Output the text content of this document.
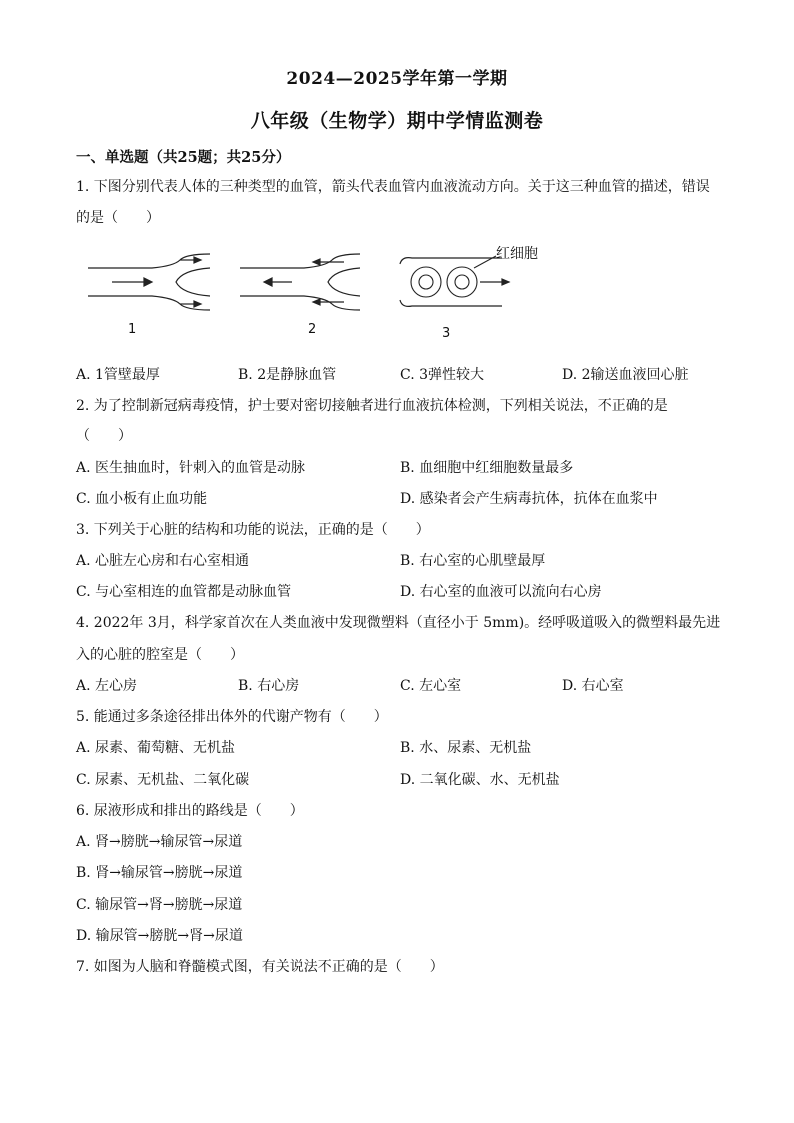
2024—2025学年第一学期
八年级（生物学）期中学情监测卷
一、单选题（共25题；共25分）
1. 下图分别代表人体的三种类型的血管，箭头代表血管内血液流动方向。关于这三种血管的描述，错误
的是（　　）
1	2	3
红细胞
A. 1管壁最厚	B. 2是静脉血管	C. 3弹性较大	D. 2输送血液回心脏
2. 为了控制新冠病毒疫情，护士要对密切接触者进行血液抗体检测，下列相关说法，不正确的是
（　　）
A. 医生抽血时，针刺入的血管是动脉	B. 血细胞中红细胞数量最多
C. 血小板有止血功能	D. 感染者会产生病毒抗体，抗体在血浆中
3. 下列关于心脏的结构和功能的说法，正确的是（　　）
A. 心脏左心房和右心室相通	B. 右心室的心肌壁最厚
C. 与心室相连的血管都是动脉血管	D. 右心室的血液可以流向右心房
4. 2022年 3月，科学家首次在人类血液中发现微塑料（直径小于 5mm)。经呼吸道吸入的微塑料最先进
入的心脏的腔室是（　　）
A. 左心房	B. 右心房	C. 左心室	D. 右心室
5. 能通过多条途径排出体外的代谢产物有（　　）
A. 尿素、葡萄糖、无机盐	B. 水、尿素、无机盐
C. 尿素、无机盐、二氧化碳	D. 二氧化碳、水、无机盐
6. 尿液形成和排出的路线是（　　）
A. 肾→膀胱→输尿管→尿道
B. 肾→输尿管→膀胱→尿道
C. 输尿管→肾→膀胱→尿道
D. 输尿管→膀胱→肾→尿道
7. 如图为人脑和脊髓模式图，有关说法不正确的是（　　）
